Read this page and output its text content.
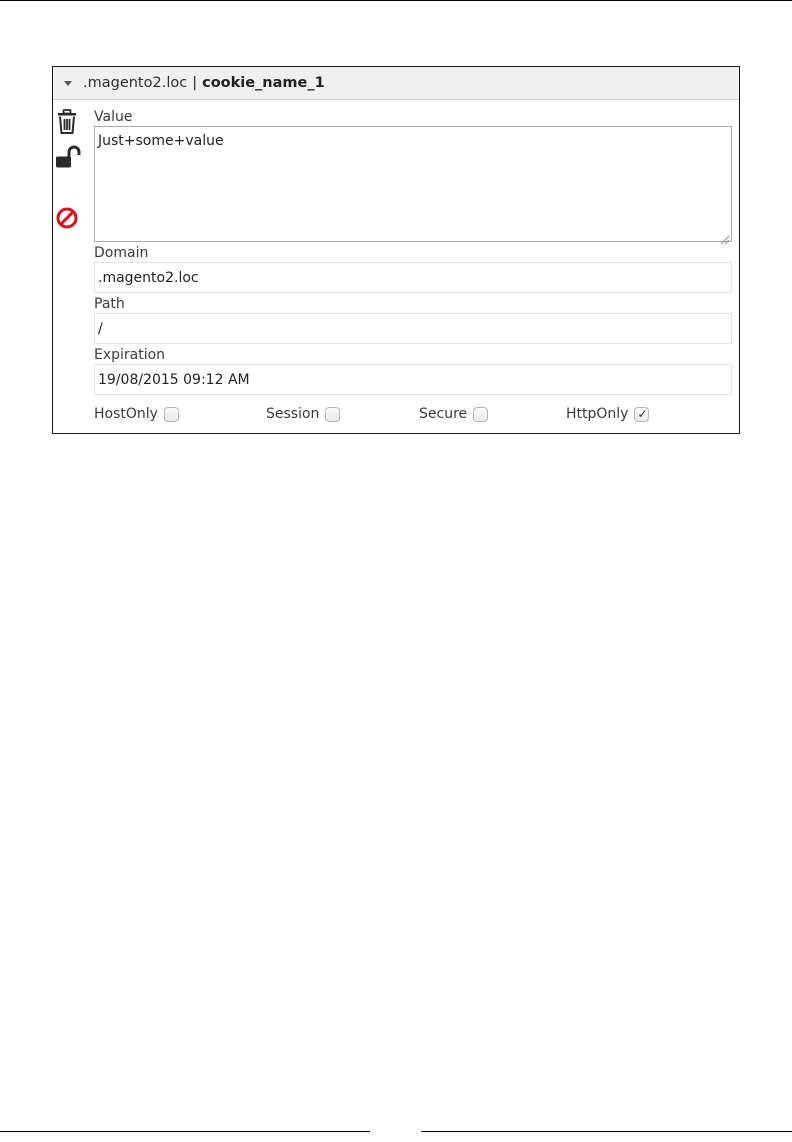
.magento2.loc | cookie_name_1
Value
Just+some+value
Domain
.magento2.loc
Path
/
Expiration
19/08/2015 09:12 AM
HostOnly	Session	Secure	HttpOnly ✓
